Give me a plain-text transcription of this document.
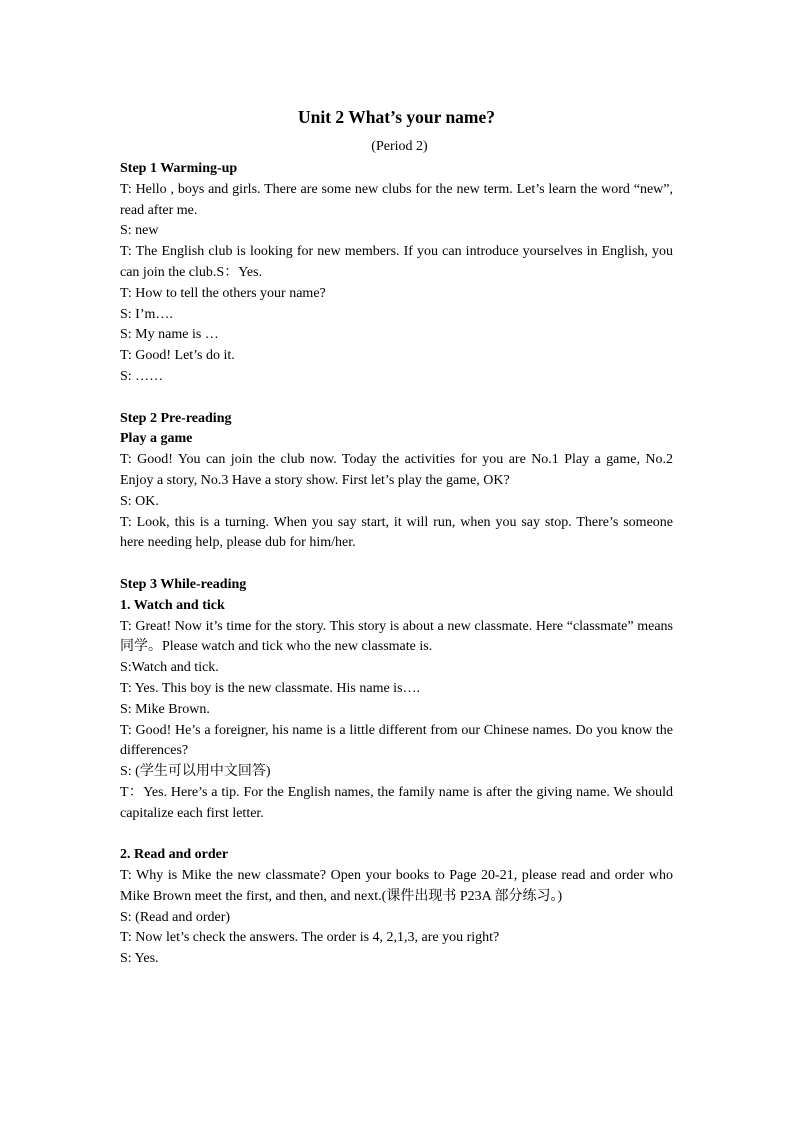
Unit 2 What’s your name?
(Period 2)
Step 1 Warming-up
T: Hello , boys and girls. There are some new clubs for the new term. Let’s learn the word “new”, read after me.
S: new
T: The English club is looking for new members. If you can introduce yourselves in English, you can join the club.S：Yes.
T: How to tell the others your name?
S: I’m….
S: My name is …
T: Good! Let’s do it.
S: ……
Step 2 Pre-reading
Play a game
T: Good! You can join the club now. Today the activities for you are No.1 Play a game, No.2 Enjoy a story, No.3 Have a story show. First let’s play the game, OK?
S: OK.
T: Look, this is a turning. When you say start, it will run, when you say stop. There’s someone here needing help, please dub for him/her.
Step 3 While-reading
1. Watch and tick
T: Great! Now it’s time for the story. This story is about a new classmate. Here “classmate” means 同学。Please watch and tick who the new classmate is.
S:Watch and tick.
T: Yes. This boy is the new classmate. His name is….
S: Mike Brown.
T: Good! He’s a foreigner, his name is a little different from our Chinese names. Do you know the differences?
S: (学生可以用中文回答)
T：Yes. Here’s a tip. For the English names, the family name is after the giving name. We should capitalize each first letter.
2. Read and order
T: Why is Mike the new classmate? Open your books to Page 20-21, please read and order who Mike Brown meet the first, and then, and next.(课件出现书 P23A 部分练习。)
S: (Read and order)
T: Now let’s check the answers. The order is 4, 2,1,3, are you right?
S: Yes.
